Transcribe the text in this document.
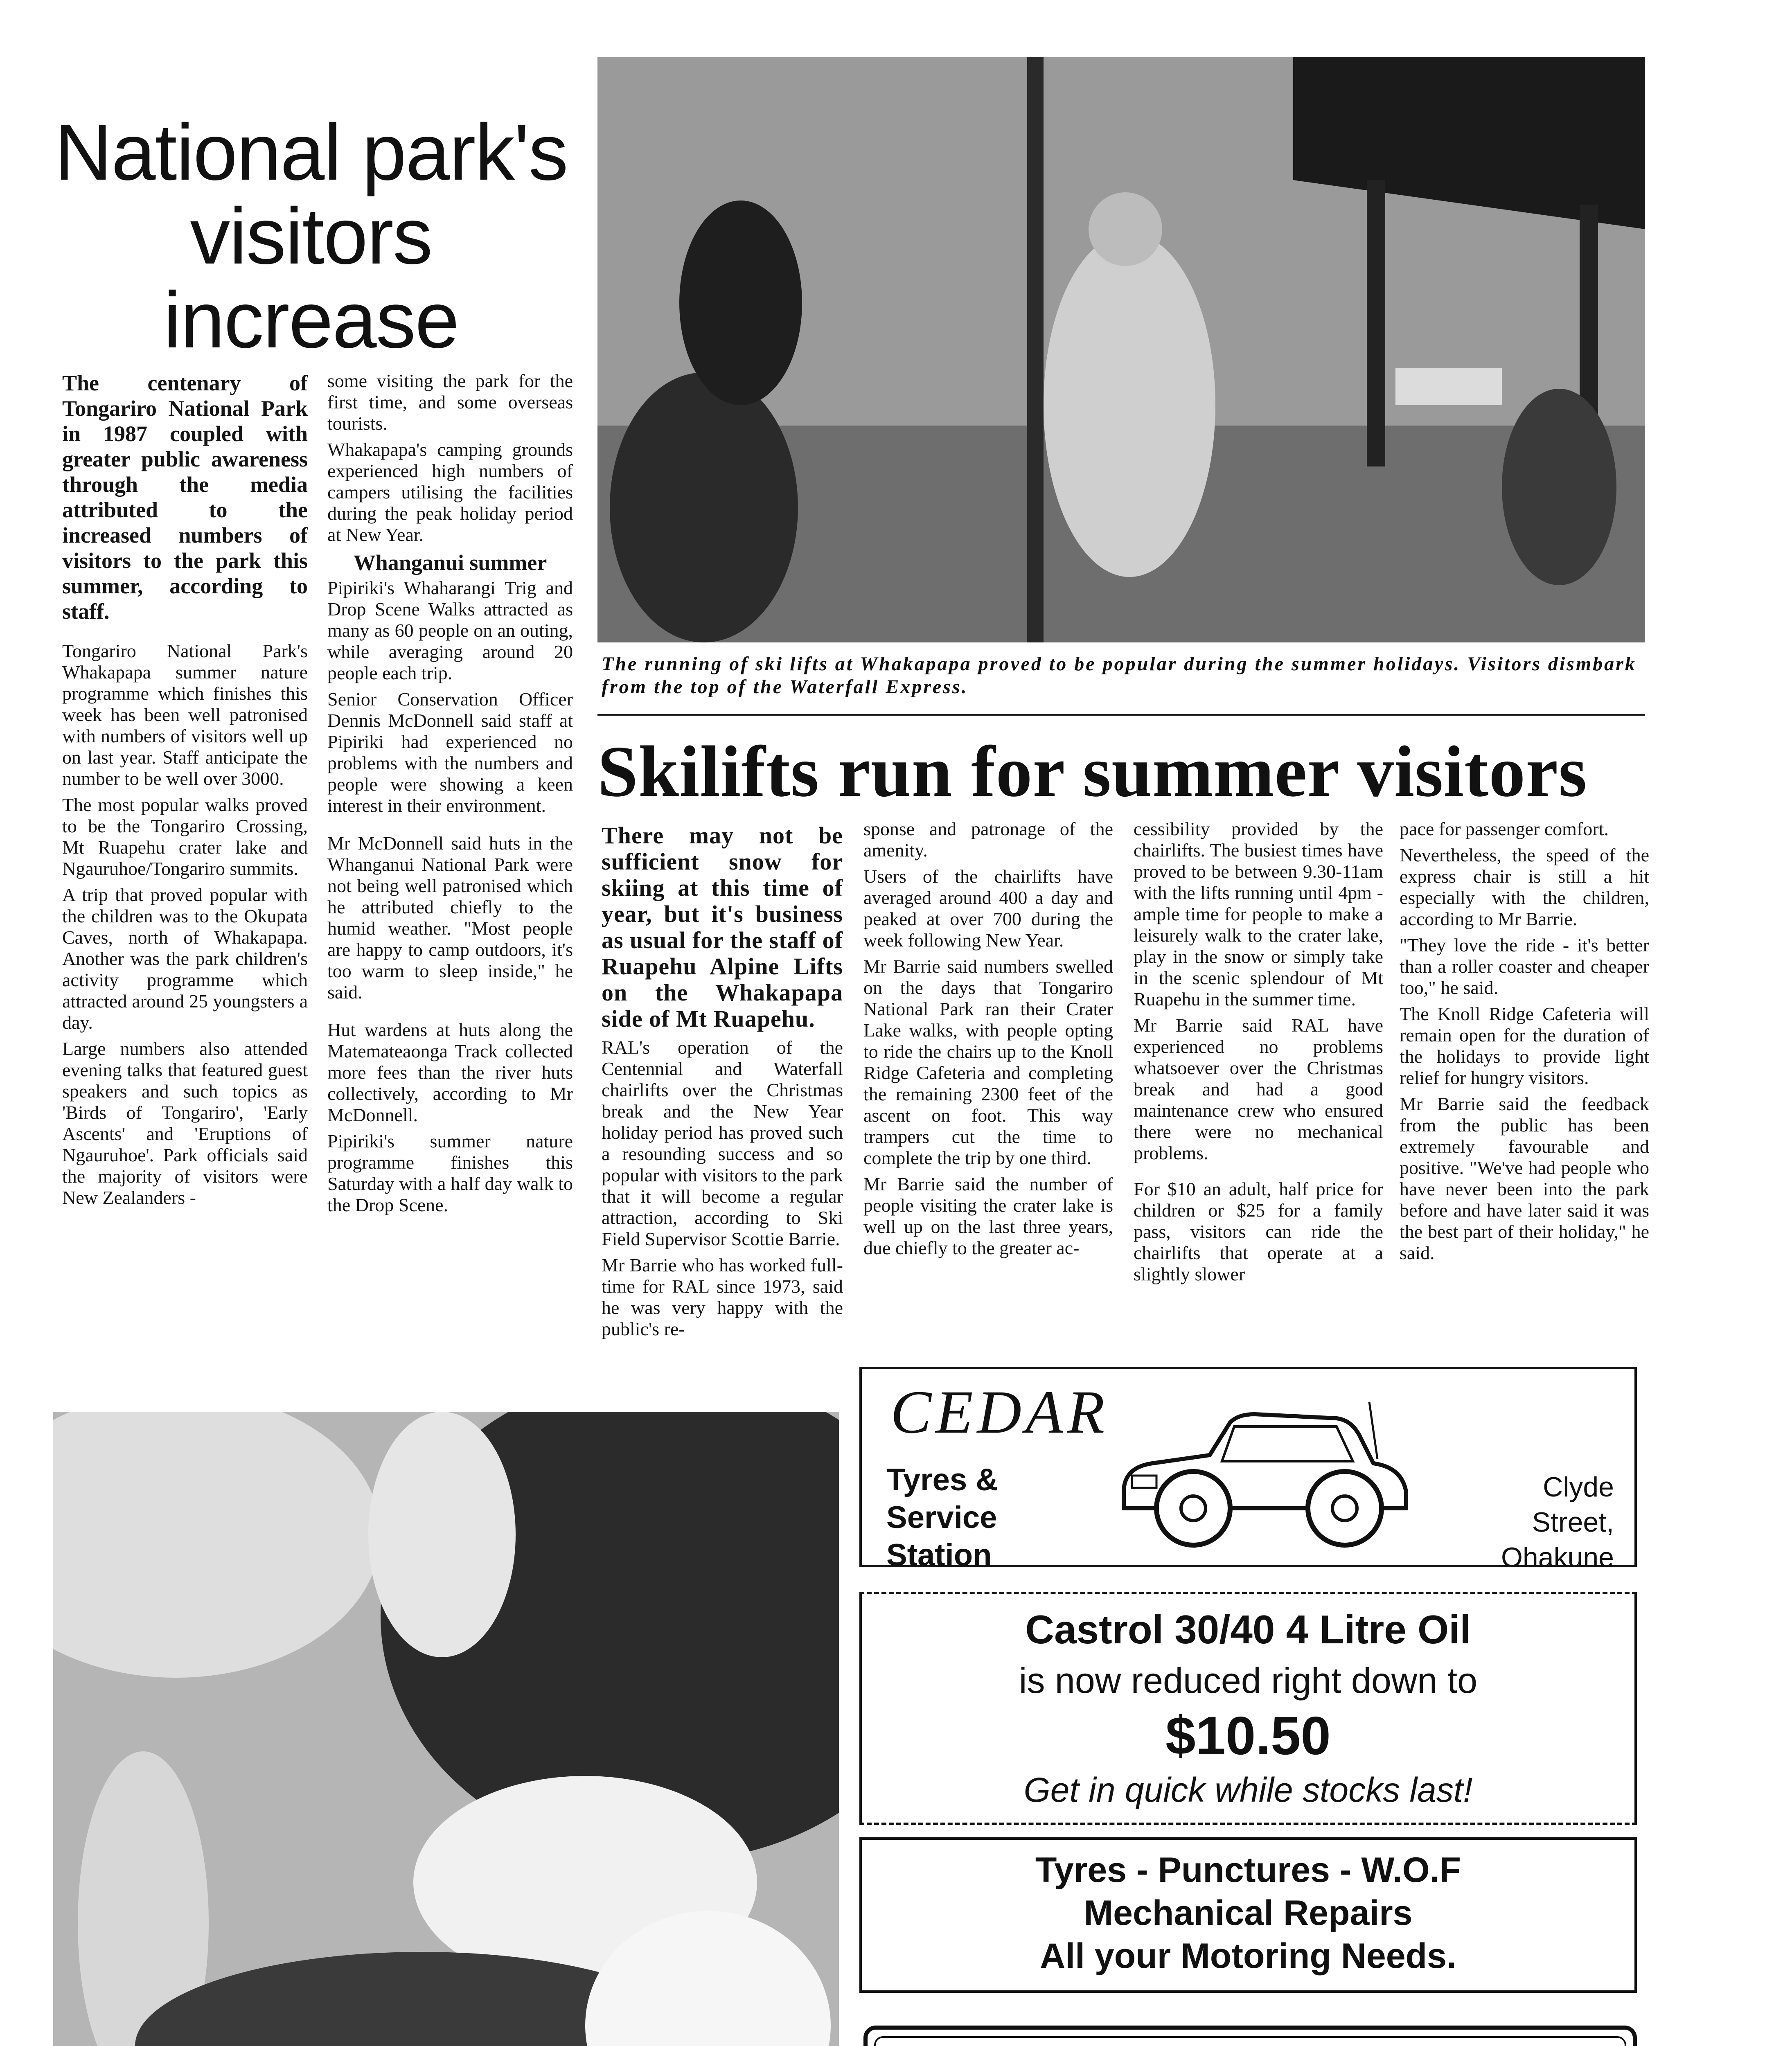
National park's
visitors
increase

The centenary of Tongariro National Park in 1987 coupled with greater public awareness through the media attributed to the increased numbers of visitors to the park this summer, according to staff.

Tongariro National Park's Whakapapa summer nature programme which finishes this week has been well patronised with numbers of visitors well up on last year. Staff anticipate the number to be well over 3000.

The most popular walks proved to be the Tongariro Crossing, Mt Ruapehu crater lake and Ngauruhoe/Tongariro summits.

A trip that proved popular with the children was to the Okupata Caves, north of Whakapapa. Another was the park children's activity programme which attracted around 25 youngsters a day.

Large numbers also attended evening talks that featured guest speakers and such topics as 'Birds of Tongariro', 'Early Ascents' and 'Eruptions of Ngauruhoe'. Park officials said the majority of visitors were New Zealanders -

some visiting the park for the first time, and some overseas tourists.

Whakapapa's camping grounds experienced high numbers of campers utilising the facilities during the peak holiday period at New Year.

Whanganui summer

Pipiriki's Whaharangi Trig and Drop Scene Walks attracted as many as 60 people on an outing, while averaging around 20 people each trip.

Senior Conservation Officer Dennis McDonnell said staff at Pipiriki had experienced no problems with the numbers and people were showing a keen interest in their environment.

Mr McDonnell said huts in the Whanganui National Park were not being well patronised which he attributed chiefly to the humid weather. "Most people are happy to camp outdoors, it's too warm to sleep inside," he said.

Hut wardens at huts along the Matemateaonga Track collected more fees than the river huts collectively, according to Mr McDonnell.

Pipiriki's summer nature programme finishes this Saturday with a half day walk to the Drop Scene.

The running of ski lifts at Whakapapa proved to be popular during the summer holidays. Visitors dismbark from the top of the Waterfall Express.
Skilifts run for summer visitors

There may not be sufficient snow for skiing at this time of year, but it's business as usual for the staff of Ruapehu Alpine Lifts on the Whakapapa side of Mt Ruapehu.

RAL's operation of the Centennial and Waterfall chairlifts over the Christmas break and the New Year holiday period has proved such a resounding success and so popular with visitors to the park that it will become a regular attraction, according to Ski Field Supervisor Scottie Barrie.

Mr Barrie who has worked full-time for RAL since 1973, said he was very happy with the public's re-

sponse and patronage of the amenity.

Users of the chairlifts have averaged around 400 a day and peaked at over 700 during the week following New Year.

Mr Barrie said numbers swelled on the days that Tongariro National Park ran their Crater Lake walks, with people opting to ride the chairs up to the Knoll Ridge Cafeteria and completing the remaining 2300 feet of the ascent on foot. This way trampers cut the time to complete the trip by one third.

Mr Barrie said the number of people visiting the crater lake is well up on the last three years, due chiefly to the greater ac-

cessibility provided by the chairlifts. The busiest times have proved to be between 9.30-11am with the lifts running until 4pm - ample time for people to make a leisurely walk to the crater lake, play in the snow or simply take in the scenic splendour of Mt Ruapehu in the summer time.

Mr Barrie said RAL have experienced no problems whatsoever over the Christmas break and had a good maintenance crew who ensured there were no mechanical problems.

For $10 an adult, half price for children or $25 for a family pass, visitors can ride the chairlifts that operate at a slightly slower

pace for passenger comfort.

Nevertheless, the speed of the express chair is still a hit especially with the children, according to Mr Barrie.

"They love the ride - it's better than a roller coaster and cheaper too," he said.

The Knoll Ridge Cafeteria will remain open for the duration of the holidays to provide light relief for hungry visitors.

Mr Barrie said the feedback from the public has been extremely favourable and positive. "We've had people who have never been into the park before and have later said it was the best part of their holiday," he said.

CEDAR
Tyres &
Service
Station
Clyde
Street,
Ohakune
Castrol 30/40 4 Litre Oil
is now reduced right down to
$10.50
Get in quick while stocks last!
Tyres - Punctures - W.O.F
Mechanical Repairs
All your Motoring Needs.
